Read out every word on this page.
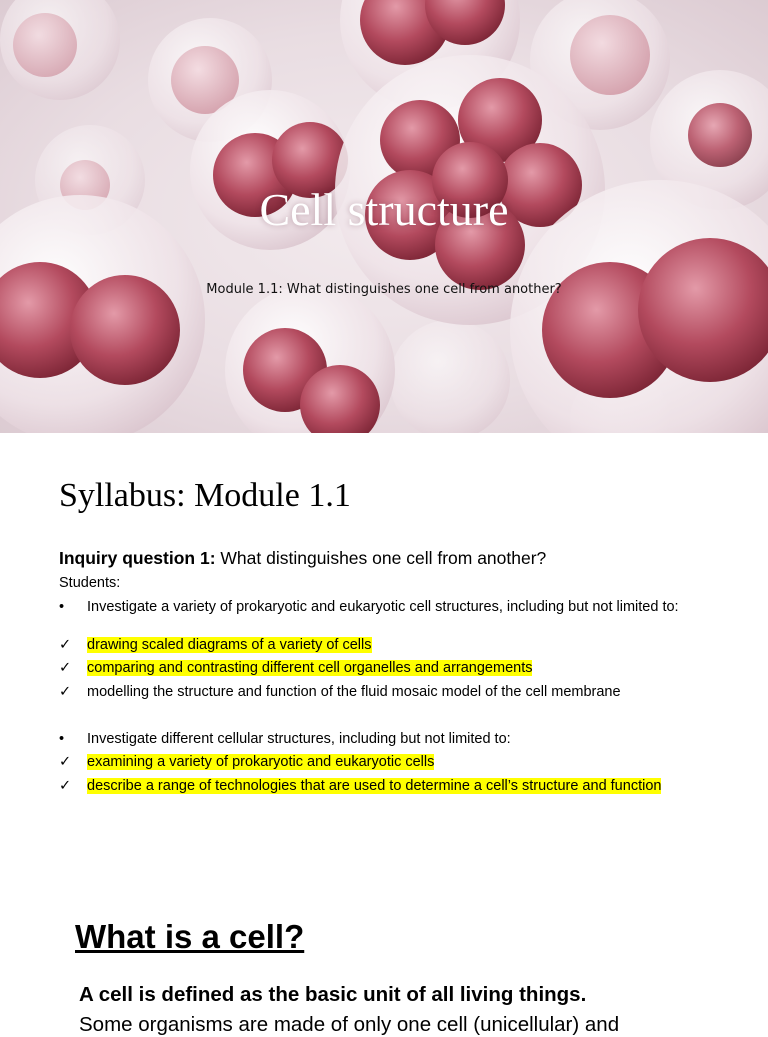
Cell structure
Module 1.1: What distinguishes one cell from another?
Syllabus: Module 1.1
Inquiry question 1: What distinguishes one cell from another?
Students:
•	Investigate a variety of prokaryotic and eukaryotic cell structures, including but not limited to:
✓	drawing scaled diagrams of a variety of cells
✓	comparing and contrasting different cell organelles and arrangements
✓	modelling the structure and function of the fluid mosaic model of the cell membrane
•	Investigate different cellular structures, including but not limited to:
✓	examining a variety of prokaryotic and eukaryotic cells
✓	describe a range of technologies that are used to determine a cell’s structure and function
What is a cell?
A cell is defined as the basic unit of all living things.
Some organisms are made of only one cell (unicellular) and
